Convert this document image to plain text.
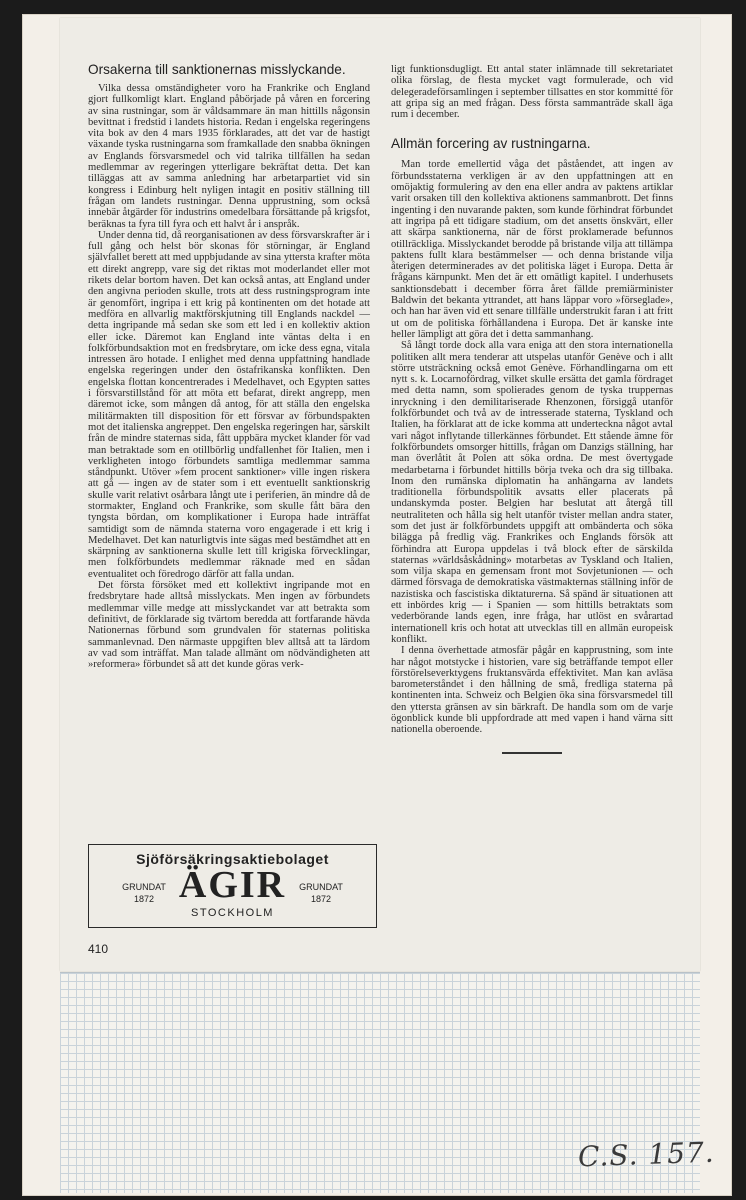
Orsakerna till sanktionernas misslyckande.

Vilka dessa omständigheter voro ha Frankrike och England gjort fullkomligt klart. England påbörjade på våren en forcering av sina rustningar, som är våldsammare än man hittills någonsin bevittnat i fredstid i landets historia. Redan i engelska regeringens vita bok av den 4 mars 1935 förklarades, att det var de hastigt växande tyska rustningarna som framkallade den snabba ökningen av Englands försvarsmedel och vid talrika tillfällen ha sedan medlemmar av regeringen ytterligare bekräftat detta. Det kan tilläggas att av samma anledning har arbetarpartiet vid sin kongress i Edinburg helt nyligen intagit en positiv ställning till frågan om landets rustningar. Denna upprustning, som också innebär åtgärder för industrins omedelbara försättande på krigsfot, beräknas ta fyra till fyra och ett halvt år i anspråk.

Under denna tid, då reorganisationen av dess försvarskrafter är i full gång och helst bör skonas för störningar, är England självfallet berett att med uppbjudande av sina yttersta krafter möta ett direkt angrepp, vare sig det riktas mot moderlandet eller mot rikets delar bortom haven. Det kan också antas, att England under den angivna perioden skulle, trots att dess rustningsprogram inte är genomfört, ingripa i ett krig på kontinenten om det hotade att medföra en allvarlig maktförskjutning till Englands nackdel — detta ingripande må sedan ske som ett led i en kollektiv aktion eller icke. Däremot kan England inte väntas delta i en folkförbundsaktion mot en fredsbrytare, om icke dess egna, vitala intressen äro hotade. I enlighet med denna uppfattning handlade engelska regeringen under den östafrikanska konflikten. Den engelska flottan koncentrerades i Medelhavet, och Egypten sattes i försvarstillstånd för att möta ett befarat, direkt angrepp, men däremot icke, som mången då antog, för att ställa den engelska militärmakten till disposition för ett försvar av förbundspakten mot det italienska angreppet. Den engelska regeringen har, särskilt från de mindre staternas sida, fått uppbära mycket klander för vad man betraktade som en otillbörlig undfallenhet för Italien, men i verkligheten intogo förbundets samtliga medlemmar samma ståndpunkt. Utöver »fem procent sanktioner» ville ingen riskera att gå — ingen av de stater som i ett eventuellt sanktionskrig skulle varit relativt osårbara långt ute i periferien, än mindre då de stormakter, England och Frankrike, som skulle fått bära den tyngsta bördan, om komplikationer i Europa hade inträffat samtidigt som de nämnda staterna voro engagerade i ett krig i Medelhavet. Det kan naturligtvis inte sägas med bestämdhet att en skärpning av sanktionerna skulle lett till krigiska förvecklingar, men folkförbundets medlemmar räknade med en sådan eventualitet och föredrogo därför att falla undan.

Det första försöket med ett kollektivt ingripande mot en fredsbrytare hade alltså misslyckats. Men ingen av förbundets medlemmar ville medge att misslyckandet var att betrakta som definitivt, de förklarade sig tvärtom beredda att fortfarande hävda Nationernas förbund som grundvalen för staternas politiska sammanlevnad. Den närmaste uppgiften blev alltså att ta lärdom av vad som inträffat. Man talade allmänt om nödvändigheten att »reformera» förbundet så att det kunde göras verk-

ligt funktionsdugligt. Ett antal stater inlämnade till sekretariatet olika förslag, de flesta mycket vagt formulerade, och vid delegeradeförsamlingen i september tillsattes en stor kommitté för att gripa sig an med frågan. Dess första sammanträde skall äga rum i december.

Allmän forcering av rustningarna.

Man torde emellertid våga det påståendet, att ingen av förbundsstaterna verkligen är av den uppfattningen att en omöjaktig formulering av den ena eller andra av paktens artiklar varit orsaken till den kollektiva aktionens sammanbrott. Det finns ingenting i den nuvarande pakten, som kunde förhindrat förbundet att ingripa på ett tidigare stadium, om det ansetts önskvärt, eller att skärpa sanktionerna, när de först proklamerade befunnos otillräckliga. Misslyckandet berodde på bristande vilja att tillämpa paktens fullt klara bestämmelser — och denna bristande vilja återigen determinerades av det politiska läget i Europa. Detta är frågans kärnpunkt. Men det är ett omätligt kapitel. I underhusets sanktionsdebatt i december förra året fällde premiärminister Baldwin det bekanta yttrandet, att hans läppar voro »förseglade», och han har även vid ett senare tillfälle understrukit faran i att fritt ut om de politiska förhållandena i Europa. Det är kanske inte heller lämpligt att göra det i detta sammanhang.

Så långt torde dock alla vara eniga att den stora internationella politiken allt mera tenderar att utspelas utanför Genève och i allt större utsträckning också emot Genève. Förhandlingarna om ett nytt s. k. Locarnofördrag, vilket skulle ersätta det gamla fördraget med detta namn, som spolierades genom de tyska truppernas inryckning i den demilitariserade Rhenzonen, försiggå utanför folkförbundet och två av de intresserade staterna, Tyskland och Italien, ha förklarat att de icke komma att underteckna något avtal vari något inflytande tillerkännes förbundet. Ett stående ämne för folkförbundets omsorger hittills, frågan om Danzigs ställning, har man överlåtit åt Polen att söka ordna. De mest övertygade medarbetarna i förbundet hittills börja tveka och dra sig tillbaka. Inom den rumänska diplomatin ha anhängarna av landets traditionella förbundspolitik avsatts eller placerats på undanskymda poster. Belgien har beslutat att återgå till neutraliteten och hålla sig helt utanför tvister mellan andra stater, som det just är folkförbundets uppgift att ombänderta och söka bilägga på fredlig väg. Frankrikes och Englands försök att förhindra att Europa uppdelas i två block efter de särskilda staternas »världsåskådning» motarbetas av Tyskland och Italien, som vilja skapa en gemensam front mot Sovjetunionen — och därmed försvaga de demokratiska västmakternas ställning inför de nazistiska och fascistiska diktaturerna. Så spänd är situationen att ett inbördes krig — i Spanien — som hittills betraktats som vederbörande lands egen, inre fråga, har utlöst en svårartad internationell kris och hotat att utvecklas till en allmän europeisk konflikt.

I denna överhettade atmosfär pågår en kapprustning, som inte har något motstycke i historien, vare sig beträffande tempot eller förstörelseverktygens fruktansvärda effektivitet. Man kan avläsa barometerståndet i den hållning de små, fredliga staterna på kontinenten inta. Schweiz och Belgien öka sina försvarsmedel till den yttersta gränsen av sin bärkraft. De handla som om de varje ögonblick kunde bli uppfordrade att med vapen i hand värna sitt nationella oberoende.

Sjöförsäkringsaktiebolaget
GRUNDAT
1872 ÄGIR	GRUNDAT
1872
STOCKHOLM
410
C.S. 157.
